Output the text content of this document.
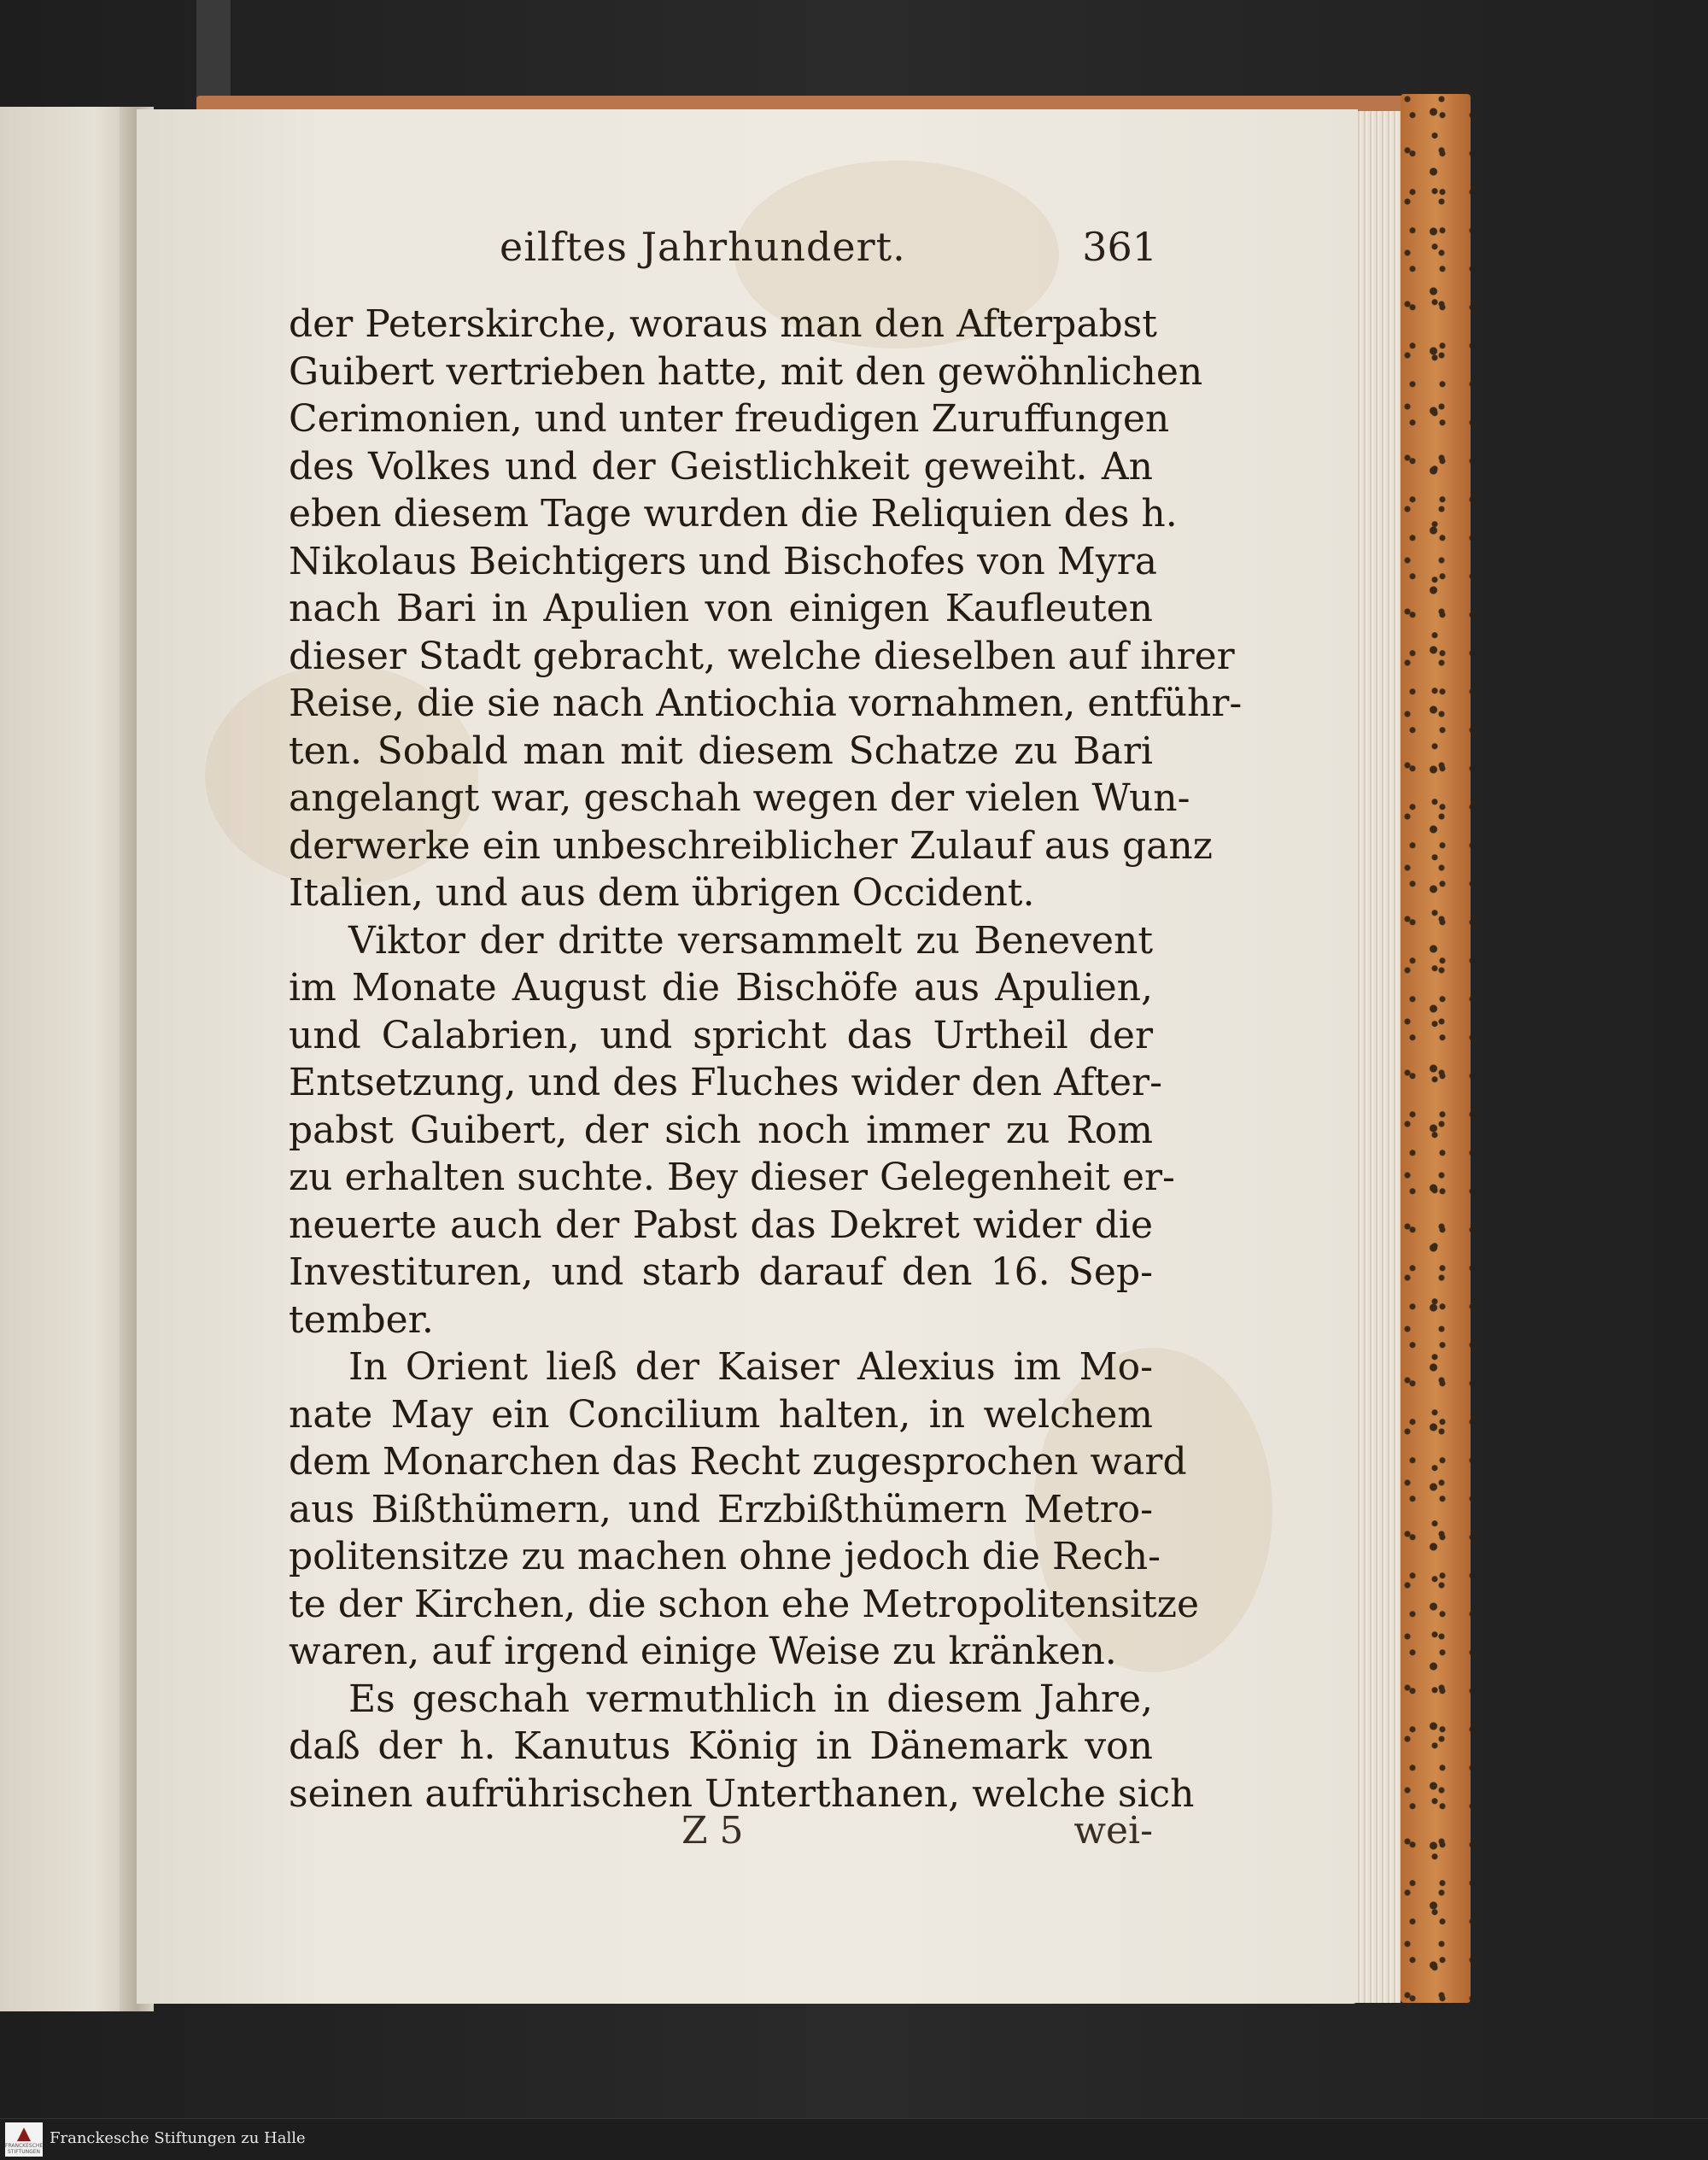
eilftes Jahrhundert.	361
der Peterskirche, woraus man den Afterpabst
Guibert vertrieben hatte, mit den gewöhnlichen
Cerimonien, und unter freudigen Zuruffungen
des Volkes und der Geistlichkeit geweiht. An
eben diesem Tage wurden die Reliquien des h.
Nikolaus Beichtigers und Bischofes von Myra
nach Bari in Apulien von einigen Kaufleuten
dieser Stadt gebracht, welche dieselben auf ihrer
Reise, die sie nach Antiochia vornahmen, entführ-
ten. Sobald man mit diesem Schatze zu Bari
angelangt war, geschah wegen der vielen Wun-
derwerke ein unbeschreiblicher Zulauf aus ganz
Italien, und aus dem übrigen Occident.
Viktor der dritte versammelt zu Benevent
im Monate August die Bischöfe aus Apulien,
und Calabrien, und spricht das Urtheil der
Entsetzung, und des Fluches wider den After-
pabst Guibert, der sich noch immer zu Rom
zu erhalten suchte. Bey dieser Gelegenheit er-
neuerte auch der Pabst das Dekret wider die
Investituren, und starb darauf den 16. Sep-
tember.
In Orient ließ der Kaiser Alexius im Mo-
nate May ein Concilium halten, in welchem
dem Monarchen das Recht zugesprochen ward
aus Bißthümern, und Erzbißthümern Metro-
politensitze zu machen ohne jedoch die Rech-
te der Kirchen, die schon ehe Metropolitensitze
waren, auf irgend einige Weise zu kränken.
Es geschah vermuthlich in diesem Jahre,
daß der h. Kanutus König in Dänemark von
seinen aufrührischen Unterthanen, welche sich
Z 5	wei-
FRANCKESCHE STIFTUNGEN
Franckesche Stiftungen zu Halle
